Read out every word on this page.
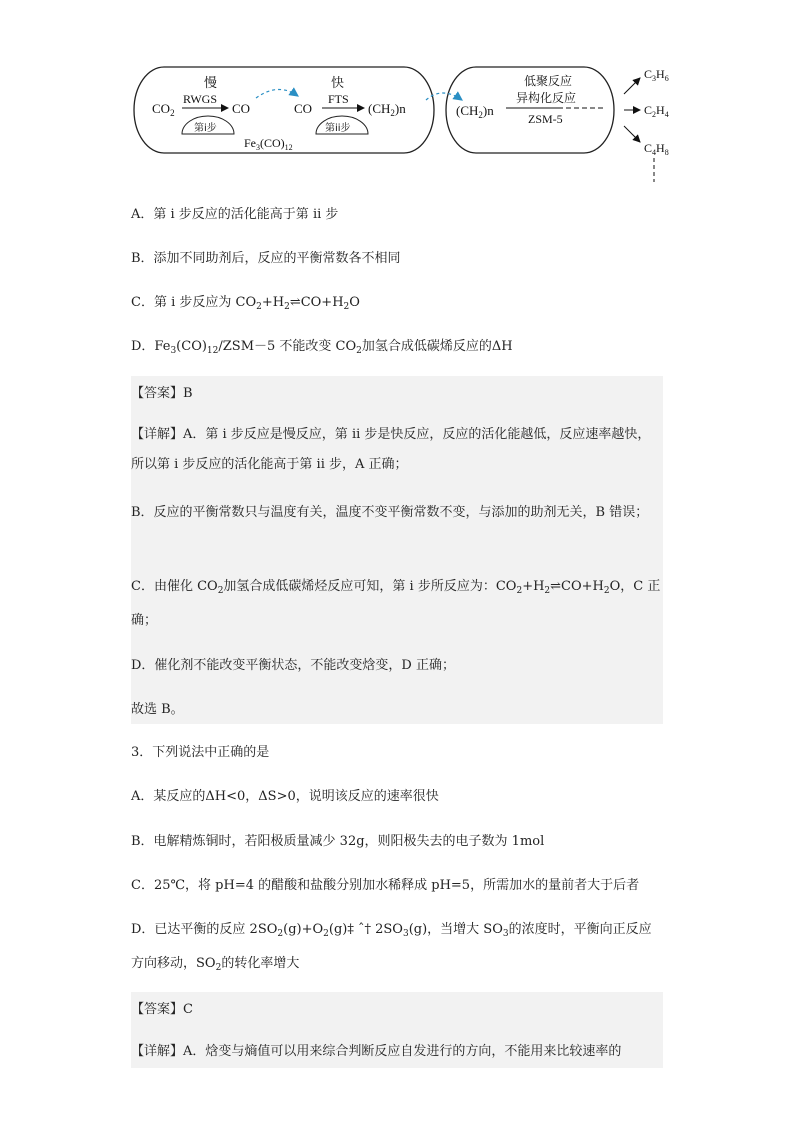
慢	快
$CO_2$
RWGS
CO	CO
FTS
$(CH_2)n$
第i步	第ii步
$Fe_3(CO)_{12}$
$(CH_2)n$
低聚反应
异构化反应
ZSM-5
$C_3H_6$
$C_2H_4$
$C_4H_8$
A．第 i 步反应的活化能高于第 ii 步
B．添加不同助剂后，反应的平衡常数各不相同
C．第 i 步反应为 $CO_2+H_2\rightleftharpoons CO+H_2O$
D．$Fe_3(CO)_{12}/ZSM-5$ 不能改变 $CO_2$加氢合成低碳烯反应的ΔH
【答案】B
【详解】A．第 i 步反应是慢反应，第 ii 步是快反应，反应的活化能越低，反应速率越快，所以第 i 步反应的活化能高于第 ii 步，A 正确；
B．反应的平衡常数只与温度有关，温度不变平衡常数不变，与添加的助剂无关，B 错误；
C．由催化 $CO_2$加氢合成低碳烯烃反应可知，第 i 步所反应为：$CO_2+H_2\rightleftharpoons CO+H_2O$，C 正确；
D．催化剂不能改变平衡状态，不能改变焓变，D 正确；
故选 B。
3．下列说法中正确的是
A．某反应的ΔH<0，ΔS>0，说明该反应的速率很快
B．电解精炼铜时，若阳极质量减少 32g，则阳极失去的电子数为 1mol
C．25℃，将 pH=4 的醋酸和盐酸分别加水稀释成 pH=5，所需加水的量前者大于后者
D．已达平衡的反应 $2SO_2(g)+O_2(g)\ddagger$ ˆ† $2SO_3(g)$，当增大 $SO_3$的浓度时，平衡向正反应方向移动，$SO_2$的转化率增大
【答案】C
【详解】A．焓变与熵值可以用来综合判断反应自发进行的方向，不能用来比较速率的
